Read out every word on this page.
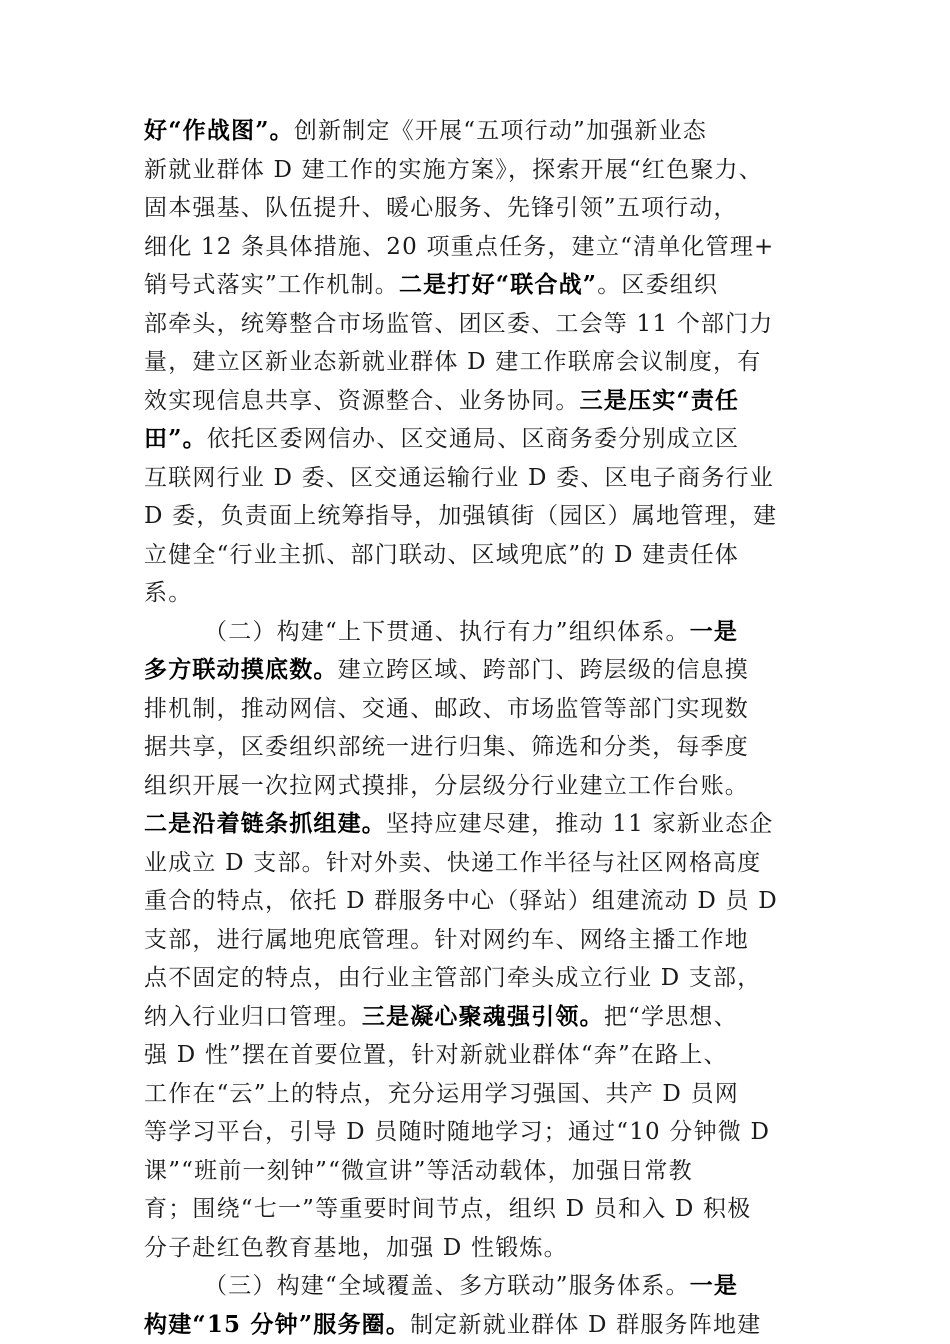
好“作战图”。创新制定《开展“五项行动”加强新业态
新就业群体 D 建工作的实施方案》，探索开展“红色聚力、
固本强基、队伍提升、暖心服务、先锋引领”五项行动，
细化 12 条具体措施、20 项重点任务，建立“清单化管理+
销号式落实”工作机制。二是打好“联合战”。区委组织
部牵头，统筹整合市场监管、团区委、工会等 11 个部门力
量，建立区新业态新就业群体 D 建工作联席会议制度，有
效实现信息共享、资源整合、业务协同。三是压实“责任
田”。依托区委网信办、区交通局、区商务委分别成立区
互联网行业 D 委、区交通运输行业 D 委、区电子商务行业
D 委，负责面上统筹指导，加强镇街（园区）属地管理，建
立健全“行业主抓、部门联动、区域兜底”的 D 建责任体
系。
（二）构建“上下贯通、执行有力”组织体系。一是
多方联动摸底数。建立跨区域、跨部门、跨层级的信息摸
排机制，推动网信、交通、邮政、市场监管等部门实现数
据共享，区委组织部统一进行归集、筛选和分类，每季度
组织开展一次拉网式摸排，分层级分行业建立工作台账。
二是沿着链条抓组建。坚持应建尽建，推动 11 家新业态企
业成立 D 支部。针对外卖、快递工作半径与社区网格高度
重合的特点，依托 D 群服务中心（驿站）组建流动 D 员 D
支部，进行属地兜底管理。针对网约车、网络主播工作地
点不固定的特点，由行业主管部门牵头成立行业 D 支部，
纳入行业归口管理。三是凝心聚魂强引领。把“学思想、
强 D 性”摆在首要位置，针对新就业群体“奔”在路上、
工作在“云”上的特点，充分运用学习强国、共产 D 员网
等学习平台，引导 D 员随时随地学习；通过“10 分钟微 D
课”“班前一刻钟”“微宣讲”等活动载体，加强日常教
育；围绕“七一”等重要时间节点，组织 D 员和入 D 积极
分子赴红色教育基地，加强 D 性锻炼。
（三）构建“全域覆盖、多方联动”服务体系。一是
构建“15 分钟”服务圈。制定新就业群体 D 群服务阵地建
